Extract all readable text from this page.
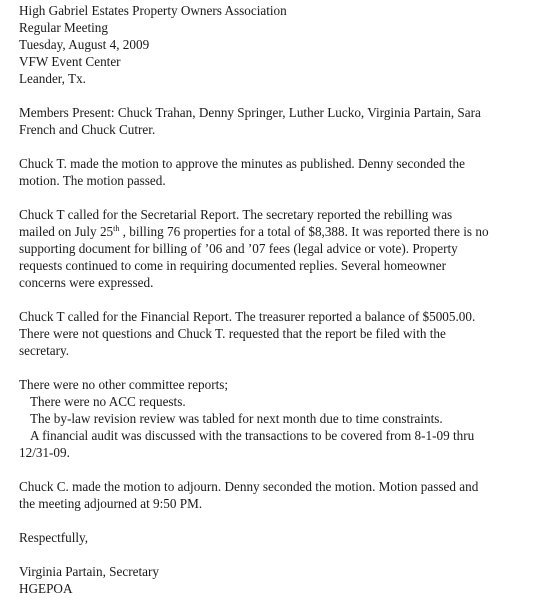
High Gabriel Estates Property Owners Association
Regular Meeting
Tuesday, August 4, 2009
VFW Event Center
Leander, Tx.
Members Present: Chuck Trahan, Denny Springer, Luther Lucko, Virginia Partain, Sara
French and Chuck Cutrer.
Chuck T. made the motion to approve the minutes as published. Denny seconded the
motion. The motion passed.
Chuck T called for the Secretarial Report. The secretary reported the rebilling was
mailed on July 25th , billing 76 properties for a total of $8,388. It was reported there is no
supporting document for billing of ’06 and ’07 fees (legal advice or vote). Property
requests continued to come in requiring documented replies. Several homeowner
concerns were expressed.
Chuck T called for the Financial Report. The treasurer reported a balance of $5005.00.
There were not questions and Chuck T. requested that the report be filed with the
secretary.
There were no other committee reports;
There were no ACC requests.
The by-law revision review was tabled for next month due to time constraints.
A financial audit was discussed with the transactions to be covered from 8-1-09 thru
12/31-09.
Chuck C. made the motion to adjourn. Denny seconded the motion. Motion passed and
the meeting adjourned at 9:50 PM.
Respectfully,
Virginia Partain, Secretary
HGEPOA
